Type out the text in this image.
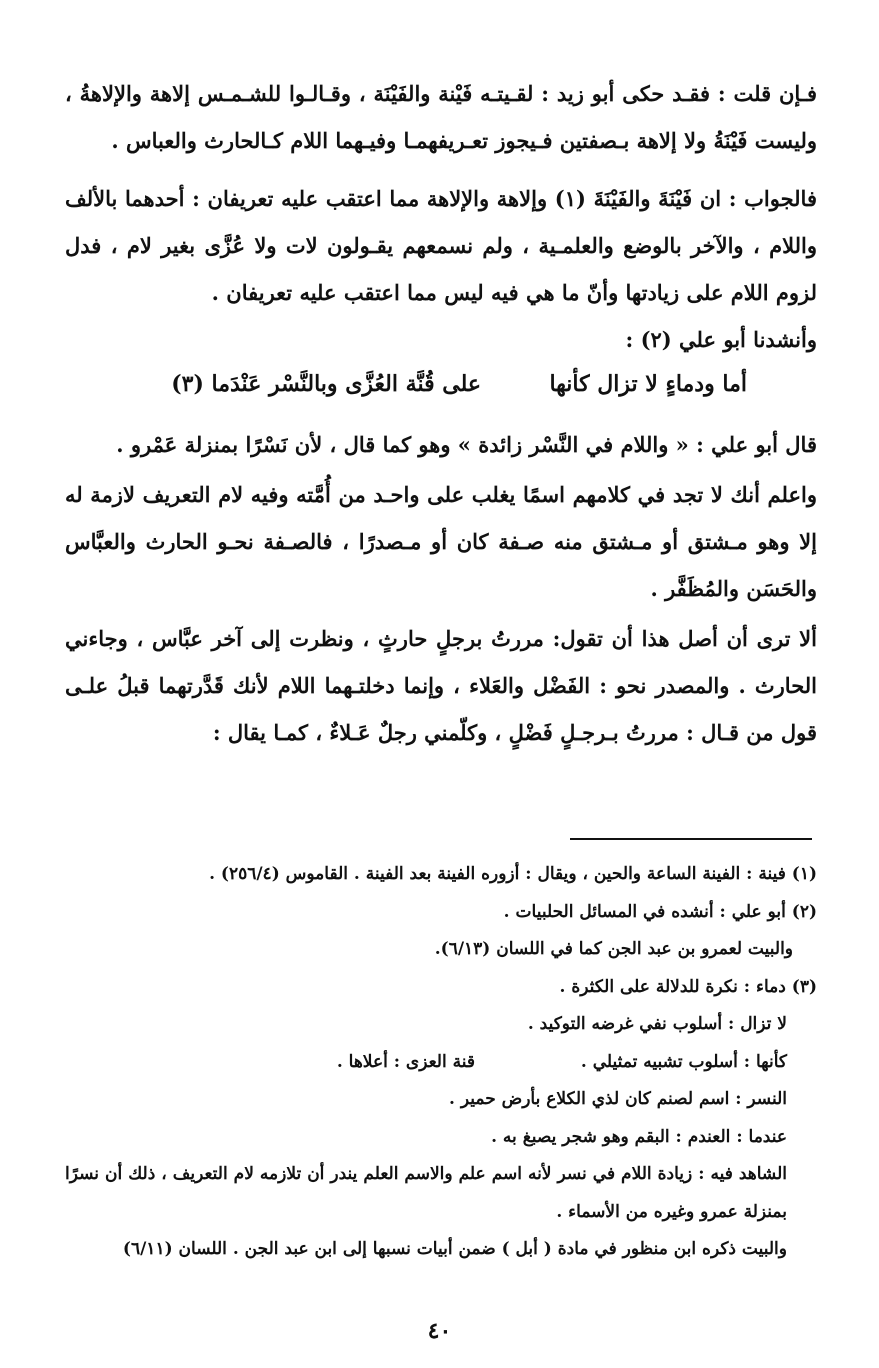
فـإن قلت : فقـد حكى أبو زيد : لقـيتـه فَيْنة والفَيْنَة ، وقـالـوا للشـمـس إلاهة والإلاهةُ ، وليست فَيْنَةُ ولا إلاهة بـصفتين فـيجوز تعـريفهمـا وفيـهما اللام كـالحارث والعباس .

فالجواب : ان فَيْنَةَ والفَيْنَةَ (١) وإلاهة والإلاهة مما اعتقب عليه تعريفان : أحدهما بالألف واللام ، والآخر بالوضع والعلمـية ، ولم نسمعهم يقـولون لات ولا عُزَّى بغير لام ، فدل لزوم اللام على زيادتها وأنّ ما هي فيه ليس مما اعتقب عليه تعريفان .

وأنشدنا أبو علي (٢) :

أما ودماءٍ لا تزال كأنها
على قُنَّة العُزَّى وبالنَّسْر عَنْدَما (٣)

قال أبو علي : « واللام في النَّسْر زائدة » وهو كما قال ، لأن نَسْرًا بمنزلة عَمْرو .

واعلم أنك لا تجد في كلامهم اسمًا يغلب على واحـد من أُمَّته وفيه لام التعريف لازمة له إلا وهو مـشتق أو مـشتق منه صـفة كان أو مـصدرًا ، فالصـفة نحـو الحارث والعبَّاس والحَسَن والمُظَفَّر .

ألا ترى أن أصل هذا أن تقول: مررتُ برجلٍ حارثٍ ، ونظرت إلى آخر عبَّاس ، وجاءني الحارث . والمصدر نحو : الفَضْل والعَلاء ، وإنما دخلتـهما اللام لأنك قَدَّرتهما قبلُ علـى قول من قـال : مررتُ بـرجـلٍ فَضْلٍ ، وكلّمني رجلٌ عَـلاءٌ ، كمـا يقال :

(١) فينة : الفينة الساعة والحين ، ويقال : أزوره الفينة بعد الفينة . القاموس (٢٥٦/٤) .

(٢) أبو علي : أنشده في المسائل الحلبيات .

والبيت لعمرو بن عبد الجن كما في اللسان (٦/١٣).

(٣) دماء : نكرة للدلالة على الكثرة .

لا تزال : أسلوب نفي غرضه التوكيد .

كأنها : أسلوب تشبيه تمثيلي .
قنة العزى : أعلاها .

النسر : اسم لصنم كان لذي الكلاع بأرض حمير .

عندما : العندم : البقم وهو شجر يصبغ به .

الشاهد فيه : زيادة اللام في نسر لأنه اسم علم والاسم العلم يندر أن تلازمه لام التعريف ، ذلك أن نسرًا بمنزلة عمرو وغيره من الأسماء .

والبيت ذكره ابن منظور في مادة ( أبل ) ضمن أبيات نسبها إلى ابن عبد الجن . اللسان (٦/١١)

٤٠
